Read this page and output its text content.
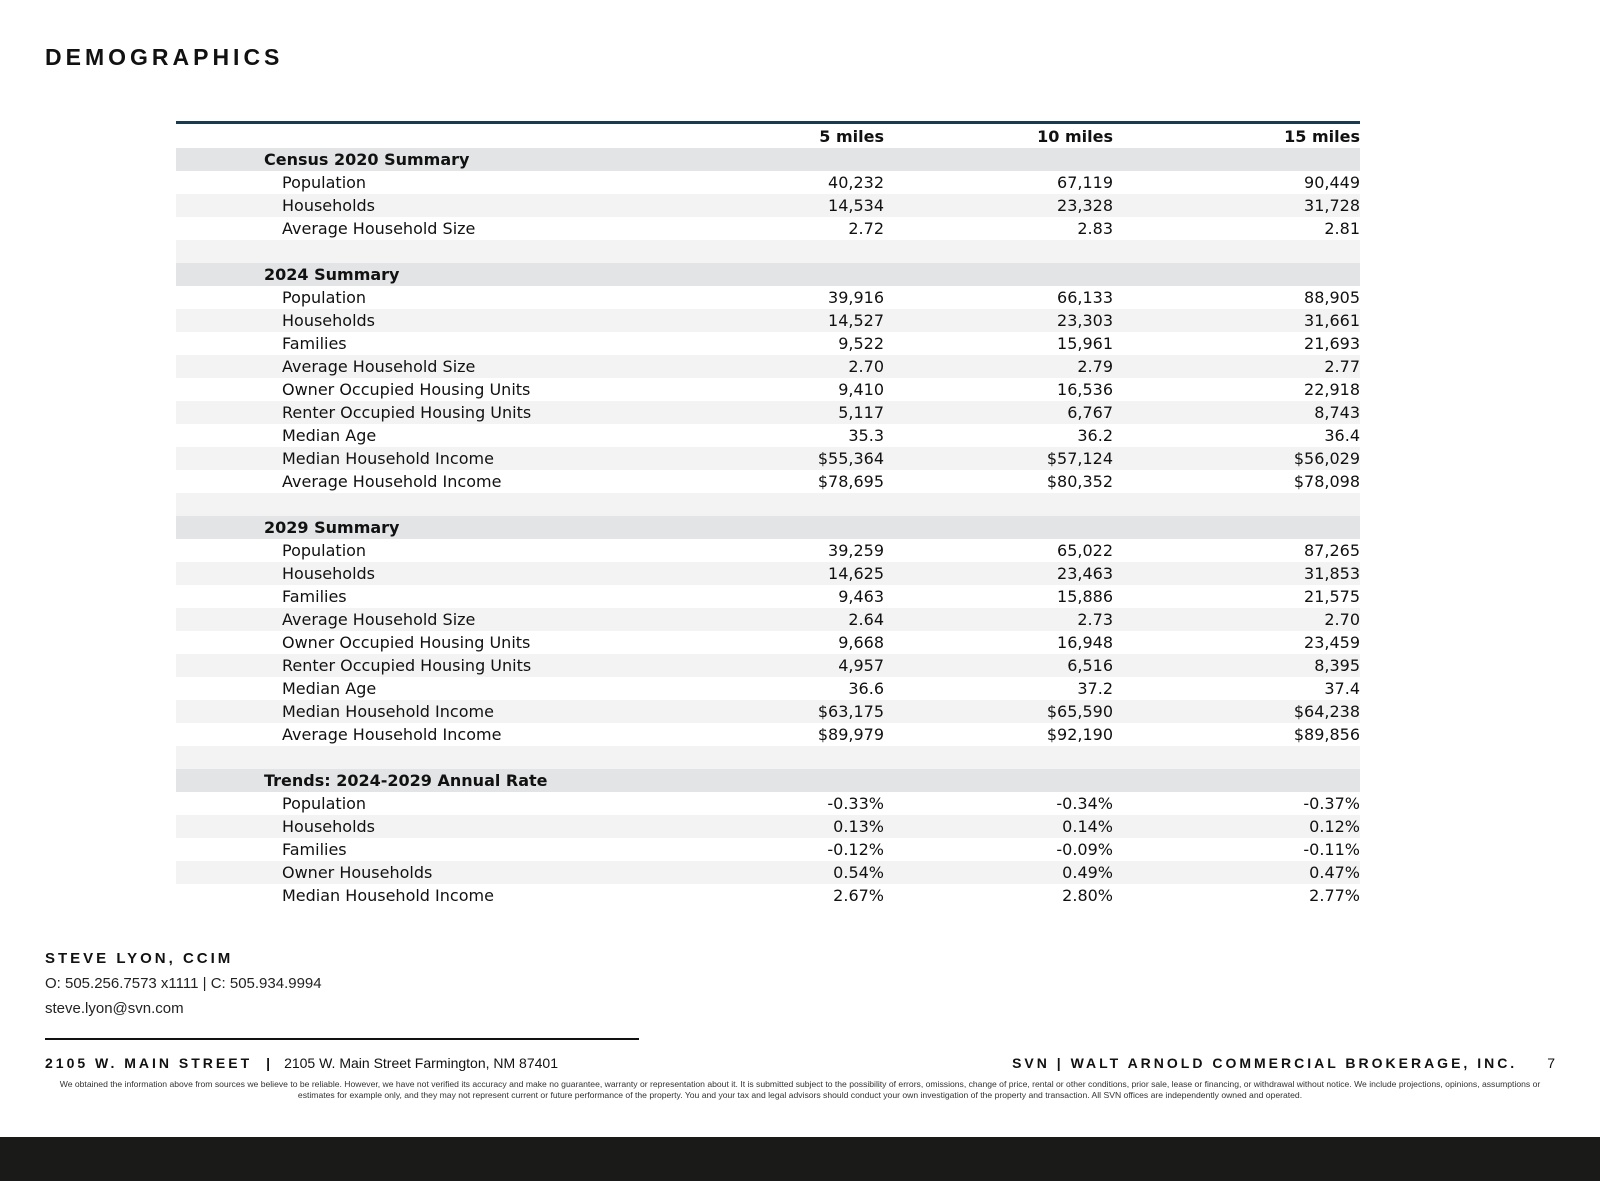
DEMOGRAPHICS
5 miles	10 miles	15 miles
Census 2020 Summary
Population	40,232	67,119	90,449
Households	14,534	23,328	31,728
Average Household Size	2.72	2.83	2.81
2024 Summary
Population	39,916	66,133	88,905
Households	14,527	23,303	31,661
Families	9,522	15,961	21,693
Average Household Size	2.70	2.79	2.77
Owner Occupied Housing Units	9,410	16,536	22,918
Renter Occupied Housing Units	5,117	6,767	8,743
Median Age	35.3	36.2	36.4
Median Household Income	$55,364	$57,124	$56,029
Average Household Income	$78,695	$80,352	$78,098
2029 Summary
Population	39,259	65,022	87,265
Households	14,625	23,463	31,853
Families	9,463	15,886	21,575
Average Household Size	2.64	2.73	2.70
Owner Occupied Housing Units	9,668	16,948	23,459
Renter Occupied Housing Units	4,957	6,516	8,395
Median Age	36.6	37.2	37.4
Median Household Income	$63,175	$65,590	$64,238
Average Household Income	$89,979	$92,190	$89,856
Trends: 2024-2029 Annual Rate
Population	-0.33%	-0.34%	-0.37%
Households	0.13%	0.14%	0.12%
Families	-0.12%	-0.09%	-0.11%
Owner Households	0.54%	0.49%	0.47%
Median Household Income	2.67%	2.80%	2.77%
STEVE LYON, CCIM
O: 505.256.7573 x1111 | C: 505.934.9994
steve.lyon@svn.com
2105 W. MAIN STREET | 2105 W. Main Street Farmington, NM 87401	SVN | WALT ARNOLD COMMERCIAL BROKERAGE, INC. 7
We obtained the information above from sources we believe to be reliable. However, we have not verified its accuracy and make no guarantee, warranty or representation about it. It is submitted subject to the possibility of errors, omissions, change of price, rental or other conditions, prior sale, lease or financing, or withdrawal without notice. We include projections, opinions, assumptions or estimates for example only, and they may not represent current or future performance of the property. You and your tax and legal advisors should conduct your own investigation of the property and transaction. All SVN offices are independently owned and operated.
